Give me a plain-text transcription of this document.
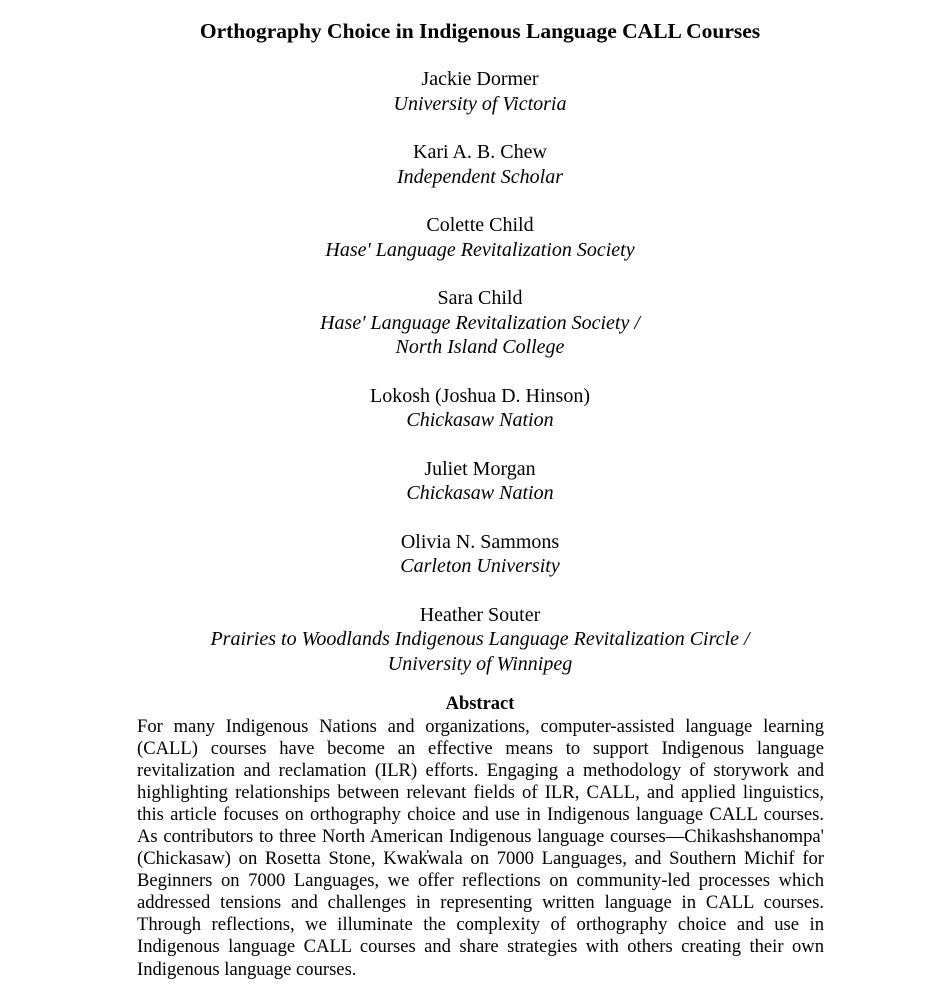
Orthography Choice in Indigenous Language CALL Courses
Jackie Dormer
University of Victoria
Kari A. B. Chew
Independent Scholar
Colette Child
Hase' Language Revitalization Society
Sara Child
Hase' Language Revitalization Society /
North Island College
Lokosh (Joshua D. Hinson)
Chickasaw Nation
Juliet Morgan
Chickasaw Nation
Olivia N. Sammons
Carleton University
Heather Souter
Prairies to Woodlands Indigenous Language Revitalization Circle /
University of Winnipeg
Abstract

For many Indigenous Nations and organizations, computer-assisted language learning (CALL) courses have become an effective means to support Indigenous language revitalization and reclamation (ILR) efforts. Engaging a methodology of storywork and highlighting relationships between relevant fields of ILR, CALL, and applied linguistics, this article focuses on orthography choice and use in Indigenous language CALL courses. As contributors to three North American Indigenous language courses—Chikashshanompa' (Chickasaw) on Rosetta Stone, Kwak̓wala on 7000 Languages, and Southern Michif for Beginners on 7000 Languages, we offer reflections on community-led processes which addressed tensions and challenges in representing written language in CALL courses. Through reflections, we illuminate the complexity of orthography choice and use in Indigenous language CALL courses and share strategies with others creating their own Indigenous language courses.
